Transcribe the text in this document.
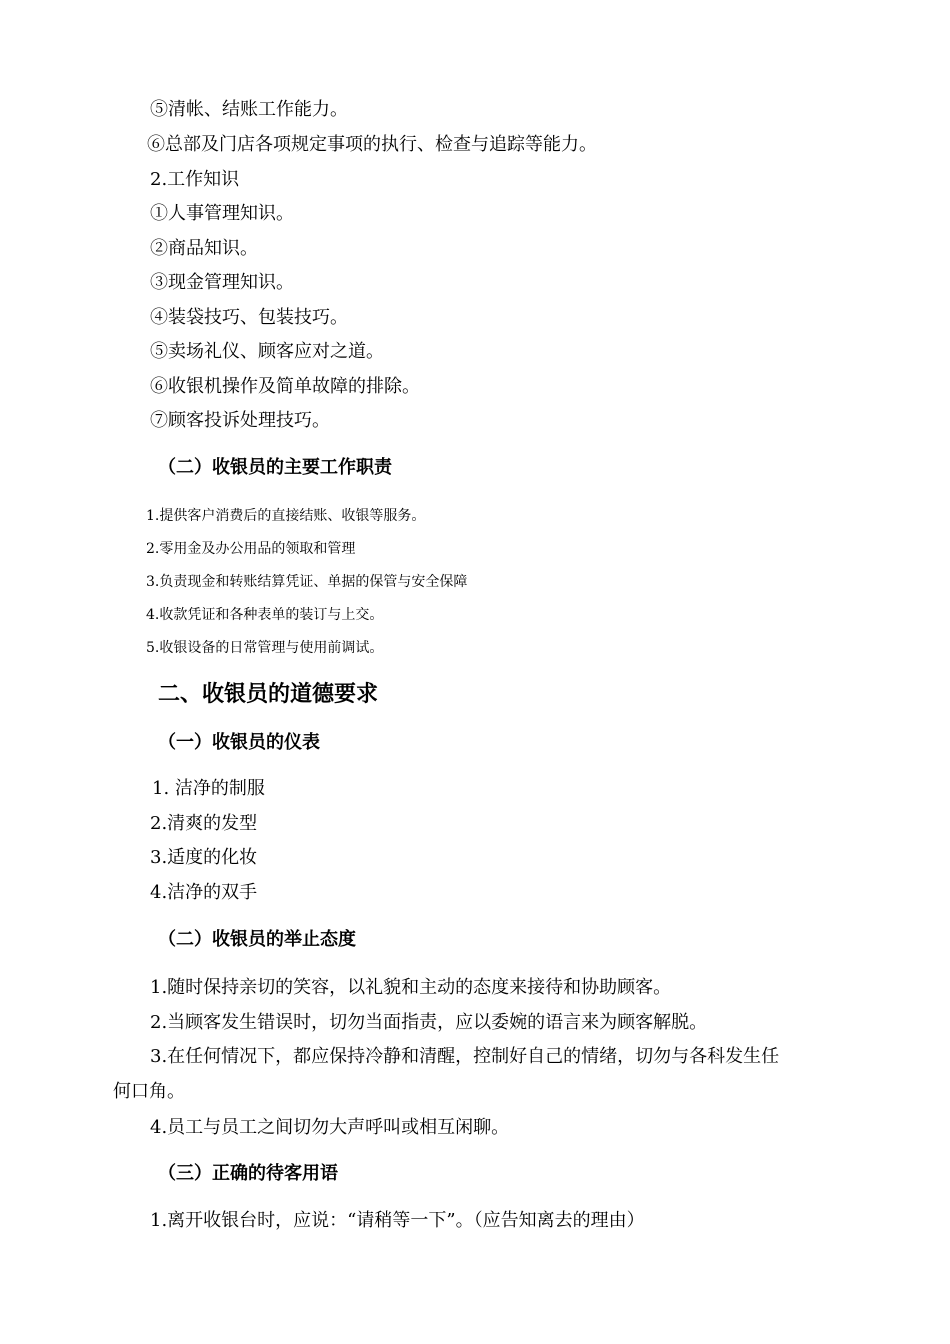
⑤清帐、结账工作能力。
⑥总部及门店各项规定事项的执行、检查与追踪等能力。
2.工作知识
①人事管理知识。
②商品知识。
③现金管理知识。
④装袋技巧、包装技巧。
⑤卖场礼仪、顾客应对之道。
⑥收银机操作及简单故障的排除。
⑦顾客投诉处理技巧。
（二）收银员的主要工作职责
1.提供客户消费后的直接结账、收银等服务。
2.零用金及办公用品的领取和管理
3.负责现金和转账结算凭证、单据的保管与安全保障
4.收款凭证和各种表单的装订与上交。
5.收银设备的日常管理与使用前调试。
二、收银员的道德要求
（一）收银员的仪表
1. 洁净的制服
2.清爽的发型
3.适度的化妆
4.洁净的双手
（二）收银员的举止态度
1.随时保持亲切的笑容，以礼貌和主动的态度来接待和协助顾客。
2.当顾客发生错误时，切勿当面指责，应以委婉的语言来为顾客解脱。
3.在任何情况下，都应保持冷静和清醒，控制好自己的情绪，切勿与各科发生任
何口角。
4.员工与员工之间切勿大声呼叫或相互闲聊。
（三）正确的待客用语
1.离开收银台时，应说：“请稍等一下”。（应告知离去的理由）
